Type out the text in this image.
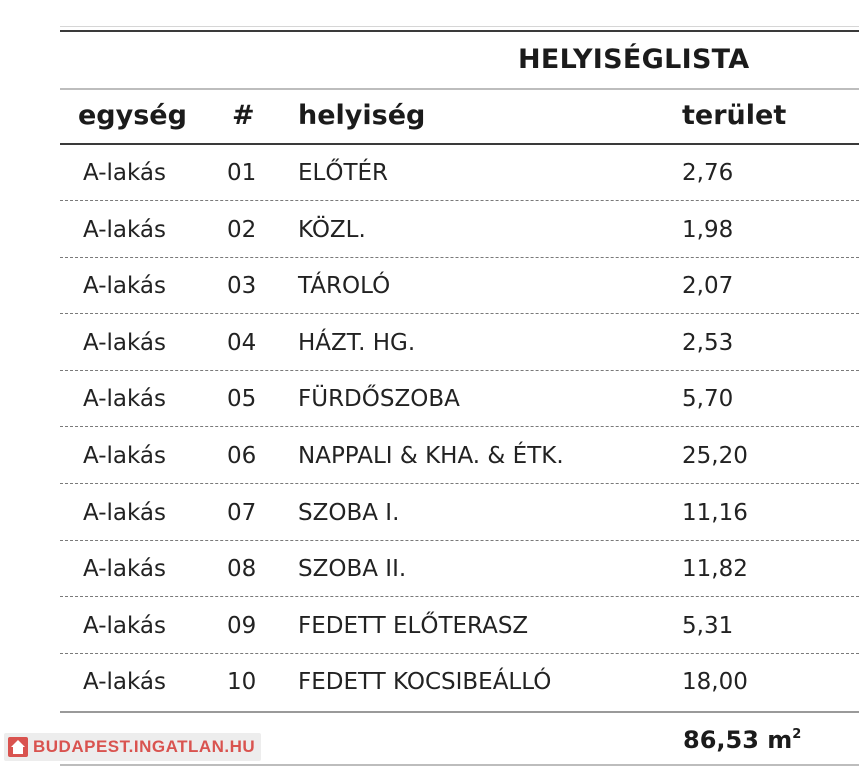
HELYISÉGLISTA
egység # helyiség	terület
A-lakás	01 ELŐTÉR	2,76
A-lakás	02 KÖZL.	1,98
A-lakás	03 TÁROLÓ	2,07
A-lakás	04 HÁZT. HG.	2,53
A-lakás	05 FÜRDŐSZOBA	5,70
A-lakás	06 NAPPALI & KHA. & ÉTK.	25,20
A-lakás	07 SZOBA I.	11,16
A-lakás	08 SZOBA II.	11,82
A-lakás	09 FEDETT ELŐTERASZ	5,31
A-lakás	10 FEDETT KOCSIBEÁLLÓ	18,00
86,53 $m^2$
BUDAPEST.INGATLAN.HU
